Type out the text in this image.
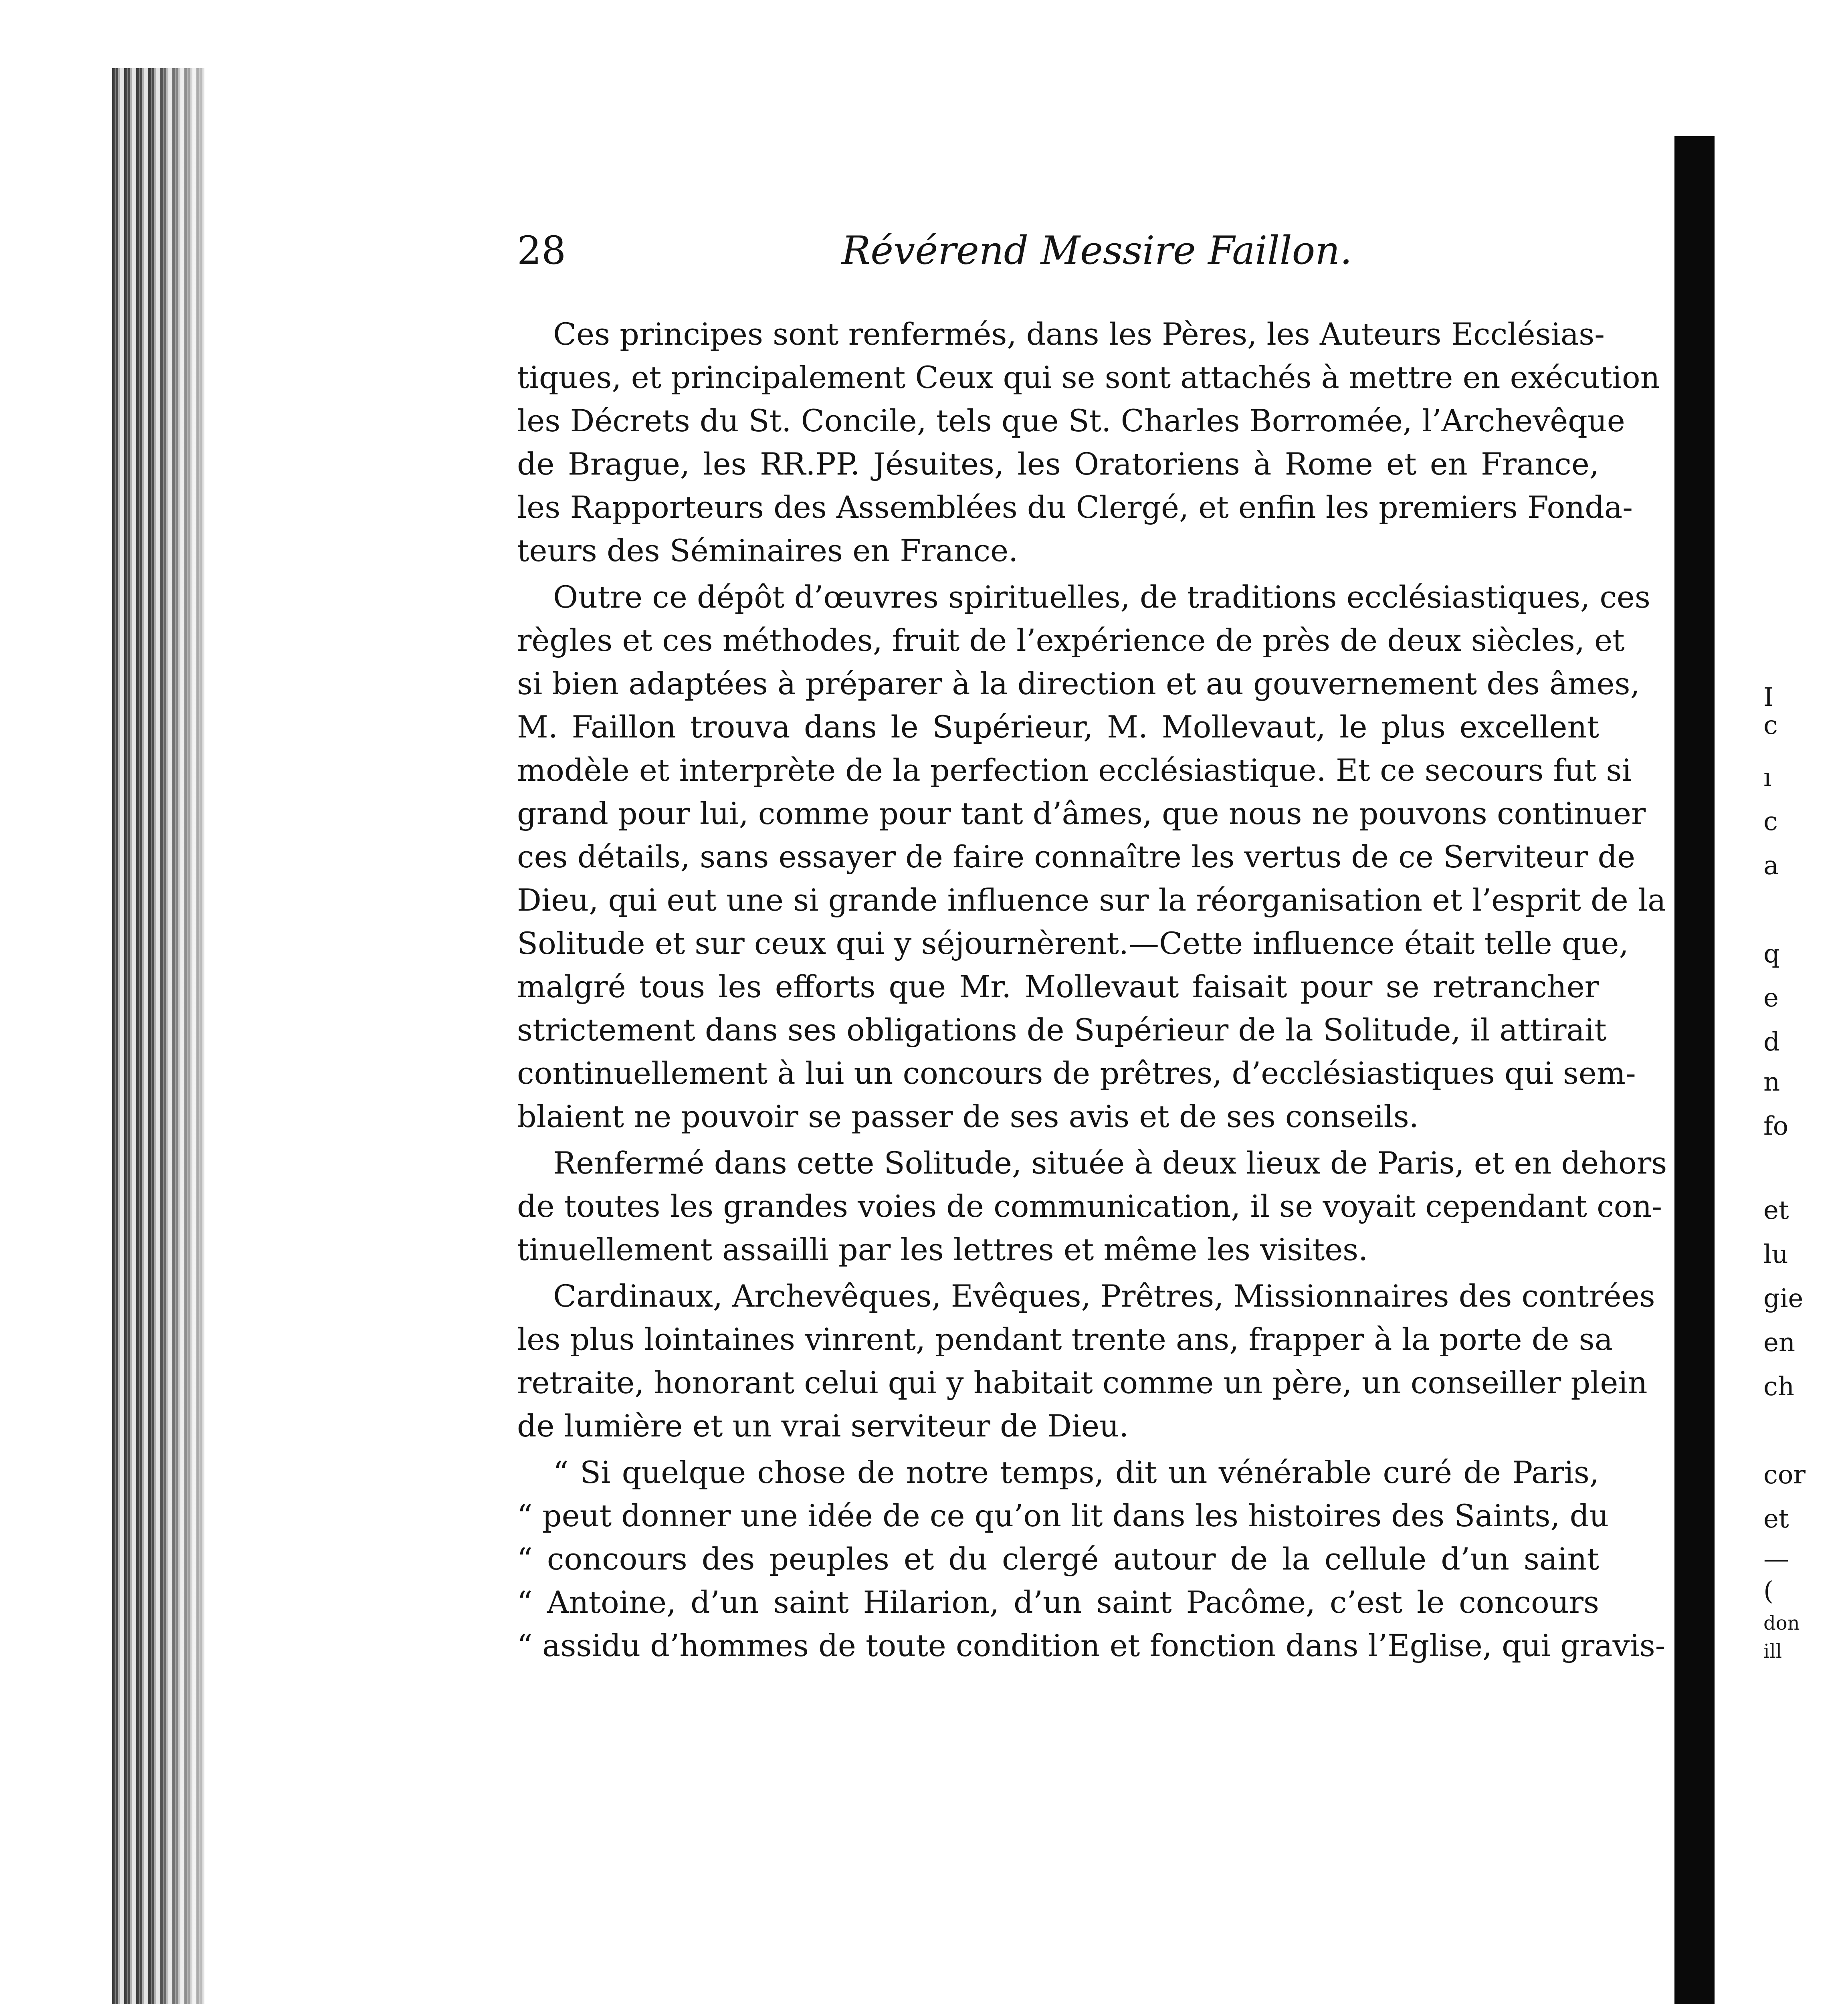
28	Révérend Messire Faillon.
Ces principes sont renfermés, dans les Pères, les Auteurs Ecclésias-
tiques, et principalement Ceux qui se sont attachés à mettre en exécution
les Décrets du St. Concile, tels que St. Charles Borromée, l’Archevêque
de Brague, les RR.PP. Jésuites, les Oratoriens à Rome et en France,
les Rapporteurs des Assemblées du Clergé, et enfin les premiers Fonda-
teurs des Séminaires en France.
Outre ce dépôt d’œuvres spirituelles, de traditions ecclésiastiques, ces
règles et ces méthodes, fruit de l’expérience de près de deux siècles, et
si bien adaptées à préparer à la direction et au gouvernement des âmes,
M. Faillon trouva dans le Supérieur, M. Mollevaut, le plus excellent
modèle et interprète de la perfection ecclésiastique. Et ce secours fut si
grand pour lui, comme pour tant d’âmes, que nous ne pouvons continuer
ces détails, sans essayer de faire connaître les vertus de ce Serviteur de
Dieu, qui eut une si grande influence sur la réorganisation et l’esprit de la
Solitude et sur ceux qui y séjournèrent.—Cette influence était telle que,
malgré tous les efforts que Mr. Mollevaut faisait pour se retrancher
strictement dans ses obligations de Supérieur de la Solitude, il attirait
continuellement à lui un concours de prêtres, d’ecclésiastiques qui sem-
blaient ne pouvoir se passer de ses avis et de ses conseils.
Renfermé dans cette Solitude, située à deux lieux de Paris, et en dehors
de toutes les grandes voies de communication, il se voyait cependant con-
tinuellement assailli par les lettres et même les visites.
Cardinaux, Archevêques, Evêques, Prêtres, Missionnaires des contrées
les plus lointaines vinrent, pendant trente ans, frapper à la porte de sa
retraite, honorant celui qui y habitait comme un père, un conseiller plein
de lumière et un vrai serviteur de Dieu.
“ Si quelque chose de notre temps, dit un vénérable curé de Paris,
“ peut donner une idée de ce qu’on lit dans les histoires des Saints, du
“ concours des peuples et du clergé autour de la cellule d’un saint
“ Antoine, d’un saint Hilarion, d’un saint Pacôme, c’est le concours
“ assidu d’hommes de toute condition et fonction dans l’Eglise, qui gravis-
I
c
ı
c
a
q
e
d
n
fo
et
lu
gie
en
ch
cor
et
—
(
don
ill
